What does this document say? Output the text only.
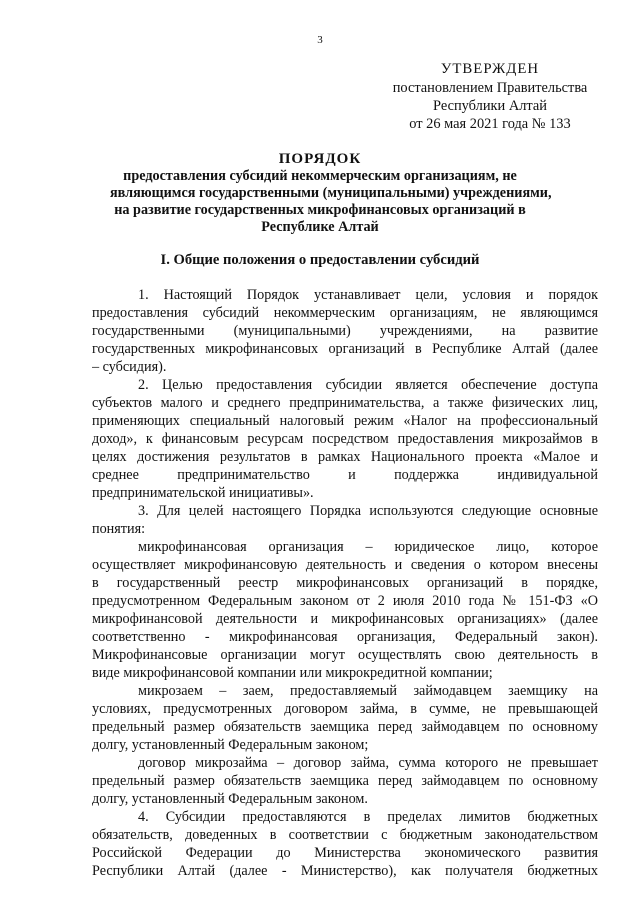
3
УТВЕРЖДЕН
постановлением Правительства
Республики Алтай
от 26 мая 2021 года № 133
ПОРЯДОК
предоставления субсидий некоммерческим организациям, не
являющимся государственными (муниципальными) учреждениями,
на развитие государственных микрофинансовых организаций в
Республике Алтай
I. Общие положения о предоставлении субсидий
1. Настоящий Порядок устанавливает цели, условия и порядок
предоставления субсидий некоммерческим организациям, не являющимся
государственными (муниципальными) учреждениями, на развитие
государственных микрофинансовых организаций в Республике Алтай (далее
– субсидия).
2. Целью предоставления субсидии является обеспечение доступа
субъектов малого и среднего предпринимательства, а также физических лиц,
применяющих специальный налоговый режим «Налог на профессиональный
доход», к финансовым ресурсам посредством предоставления микрозаймов в
целях достижения результатов в рамках Национального проекта «Малое и
среднее предпринимательство и поддержка индивидуальной
предпринимательской инициативы».
3. Для целей настоящего Порядка используются следующие основные
понятия:
микрофинансовая организация – юридическое лицо, которое
осуществляет микрофинансовую деятельность и сведения о котором внесены
в государственный реестр микрофинансовых организаций в порядке,
предусмотренном Федеральным законом от 2 июля 2010 года № 151-ФЗ «О
микрофинансовой деятельности и микрофинансовых организациях» (далее
соответственно - микрофинансовая организация, Федеральный закон).
Микрофинансовые организации могут осуществлять свою деятельность в
виде микрофинансовой компании или микрокредитной компании;
микрозаем – заем, предоставляемый займодавцем заемщику на
условиях, предусмотренных договором займа, в сумме, не превышающей
предельный размер обязательств заемщика перед займодавцем по основному
долгу, установленный Федеральным законом;
договор микрозайма – договор займа, сумма которого не превышает
предельный размер обязательств заемщика перед займодавцем по основному
долгу, установленный Федеральным законом.
4. Субсидии предоставляются в пределах лимитов бюджетных
обязательств, доведенных в соответствии с бюджетным законодательством
Российской Федерации до Министерства экономического развития
Республики Алтай (далее - Министерство), как получателя бюджетных
